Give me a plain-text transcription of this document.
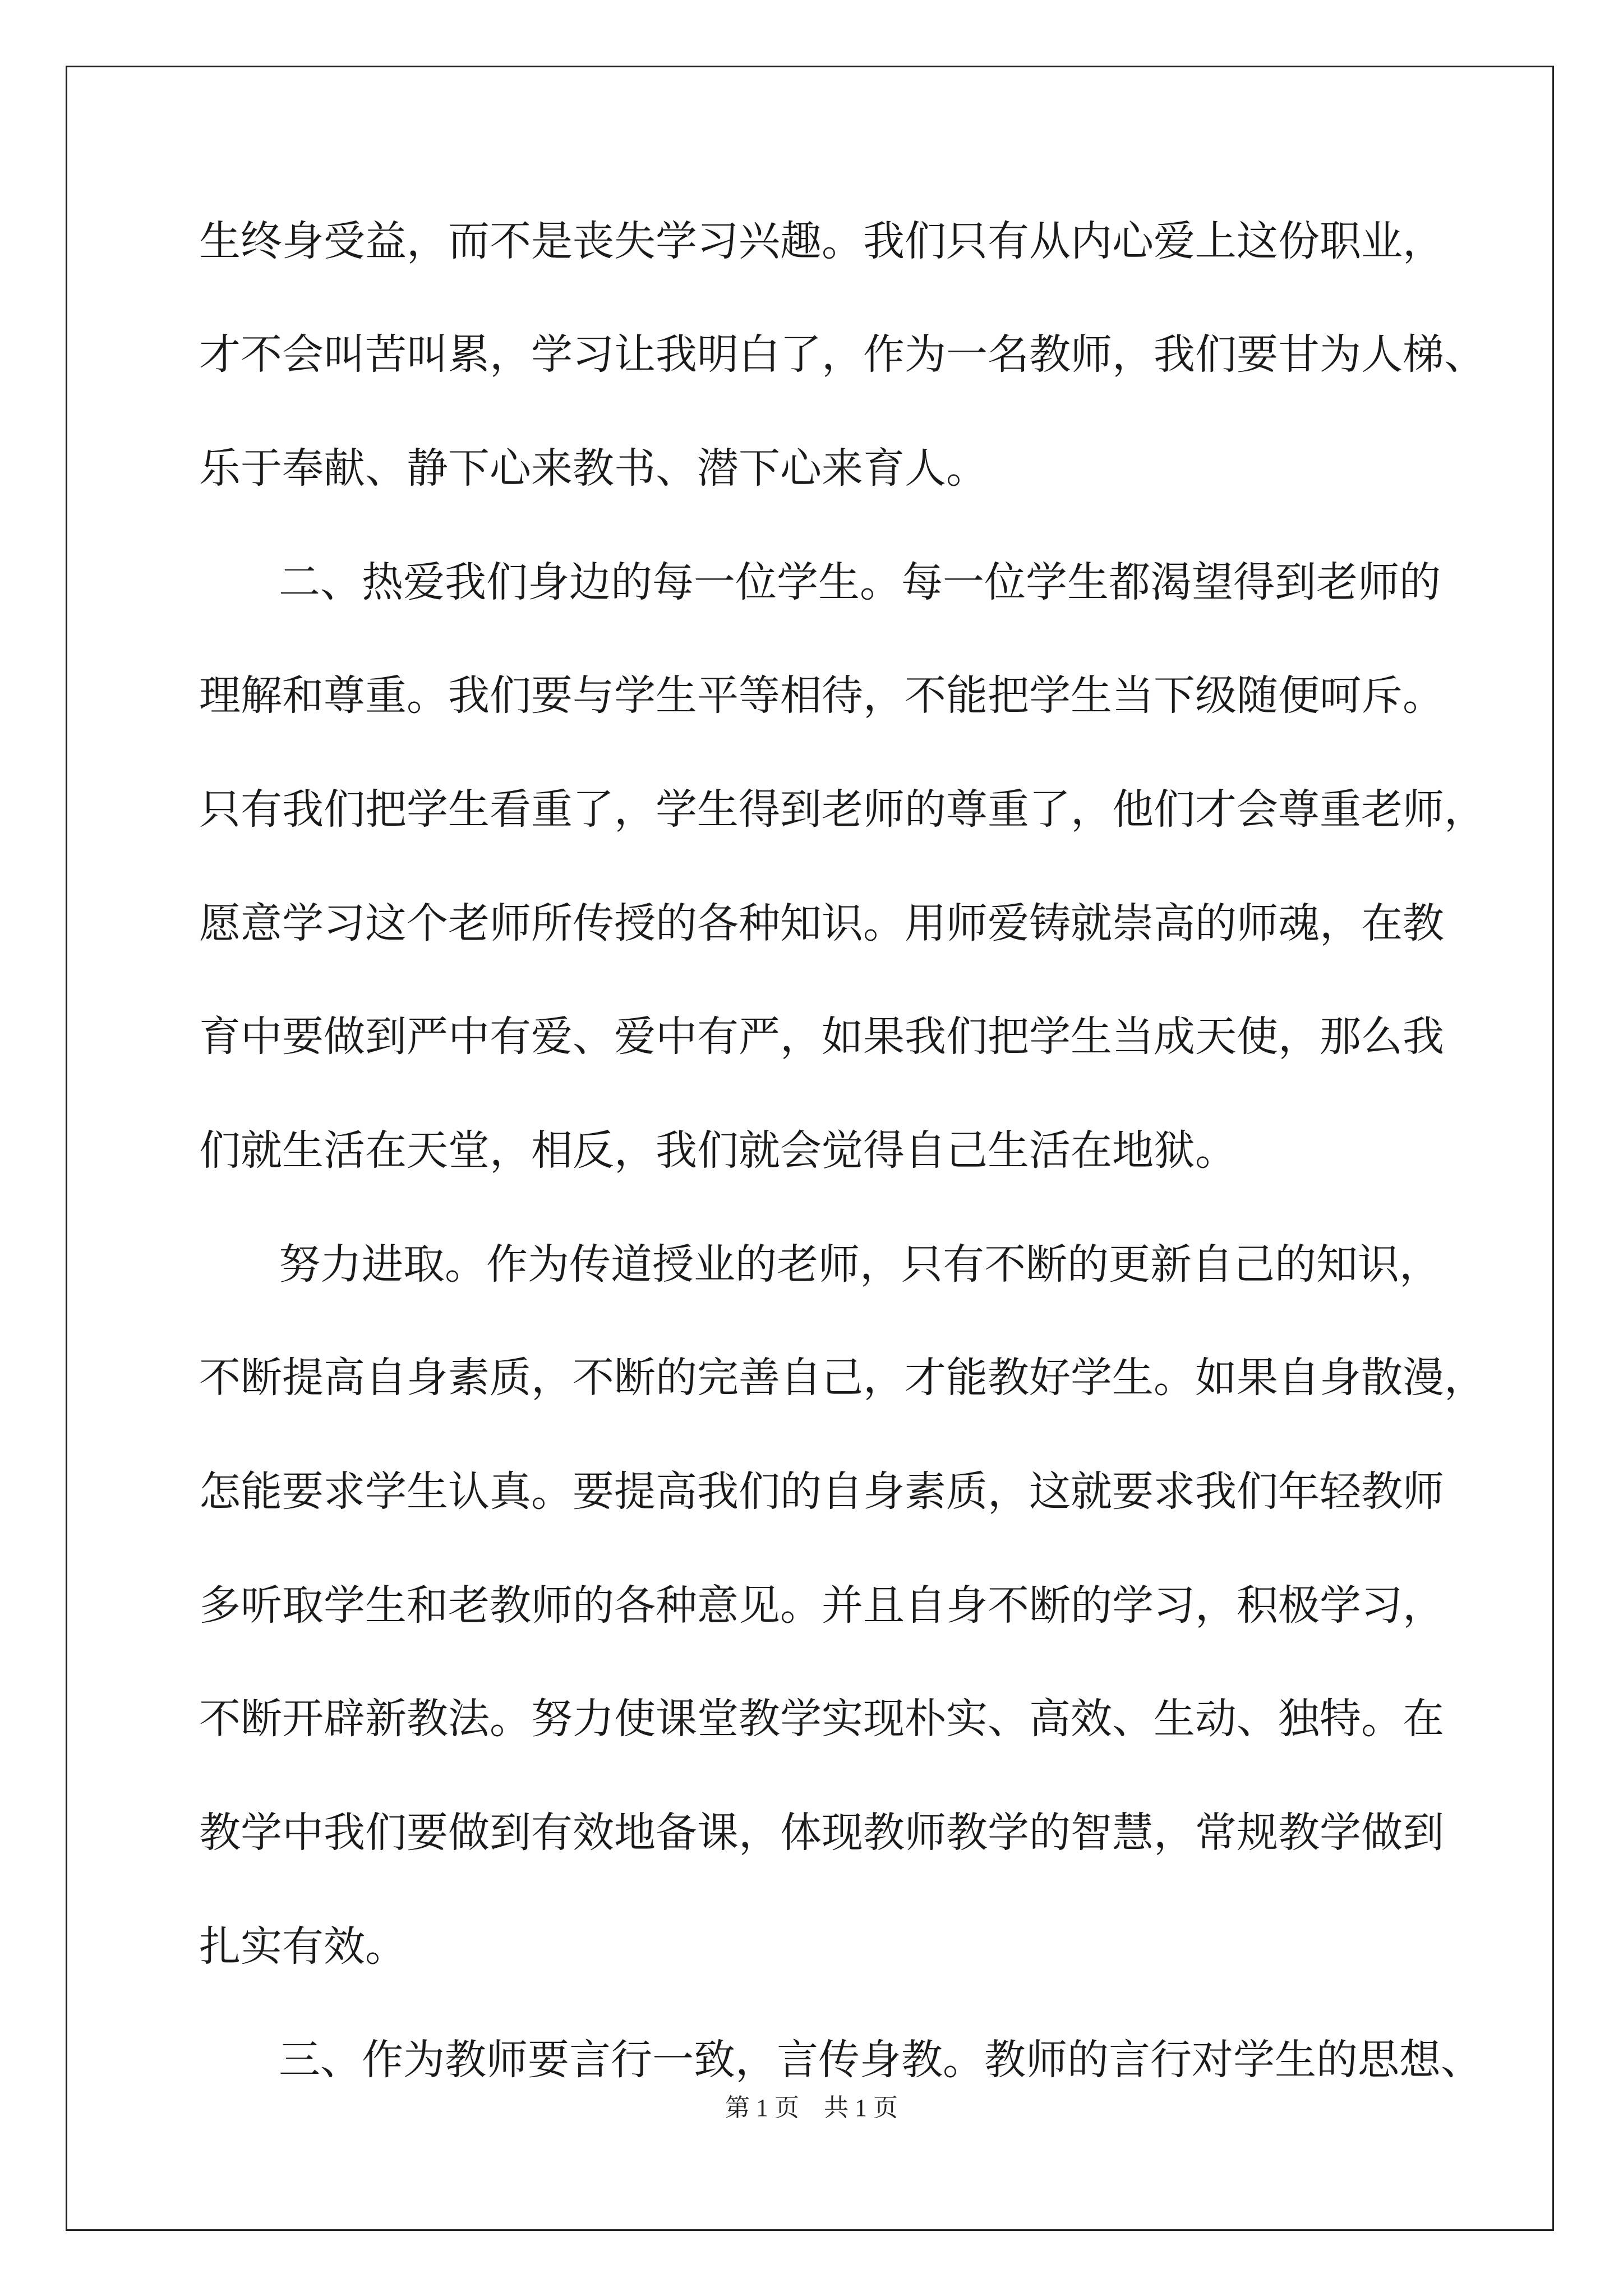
生终身受益，而不是丧失学习兴趣。我们只有从内心爱上这份职业，
才不会叫苦叫累，学习让我明白了，作为一名教师，我们要甘为人梯、
乐于奉献、静下心来教书、潜下心来育人。
二、热爱我们身边的每一位学生。每一位学生都渴望得到老师的
理解和尊重。我们要与学生平等相待，不能把学生当下级随便呵斥。
只有我们把学生看重了，学生得到老师的尊重了，他们才会尊重老师，
愿意学习这个老师所传授的各种知识。用师爱铸就崇高的师魂，在教
育中要做到严中有爱、爱中有严，如果我们把学生当成天使，那么我
们就生活在天堂，相反，我们就会觉得自己生活在地狱。
努力进取。作为传道授业的老师，只有不断的更新自己的知识，
不断提高自身素质，不断的完善自己，才能教好学生。如果自身散漫，
怎能要求学生认真。要提高我们的自身素质，这就要求我们年轻教师
多听取学生和老教师的各种意见。并且自身不断的学习，积极学习，
不断开辟新教法。努力使课堂教学实现朴实、高效、生动、独特。在
教学中我们要做到有效地备课，体现教师教学的智慧，常规教学做到
扎实有效。
三、作为教师要言行一致，言传身教。教师的言行对学生的思想、
第 1 页　共 1 页
